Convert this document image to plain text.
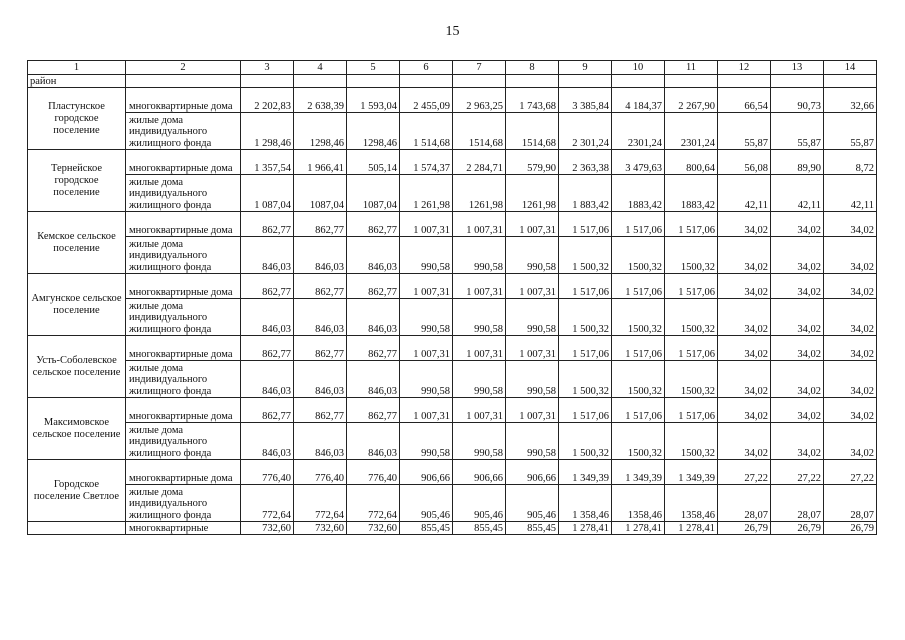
15
1	2	3	4	5	6	7	8	9	10	11	12	13	14
район													
Пластунское городское поселение	многоквартирные дома	2 202,83	2 638,39	1 593,04	2 455,09	2 963,25	1 743,68	3 385,84	4 184,37	2 267,90	66,54	90,73	32,66
	жилые дома индивидуального жилищного фонда	1 298,46	1298,46	1298,46	1 514,68	1514,68	1514,68	2 301,24	2301,24	2301,24	55,87	55,87	55,87
Тернейское городское поселение	многоквартирные дома	1 357,54	1 966,41	505,14	1 574,37	2 284,71	579,90	2 363,38	3 479,63	800,64	56,08	89,90	8,72
	жилые дома индивидуального жилищного фонда	1 087,04	1087,04	1087,04	1 261,98	1261,98	1261,98	1 883,42	1883,42	1883,42	42,11	42,11	42,11
Кемское сельское поселение	многоквартирные дома	862,77	862,77	862,77	1 007,31	1 007,31	1 007,31	1 517,06	1 517,06	1 517,06	34,02	34,02	34,02
	жилые дома индивидуального жилищного фонда	846,03	846,03	846,03	990,58	990,58	990,58	1 500,32	1500,32	1500,32	34,02	34,02	34,02
Амгунское сельское поселение	многоквартирные дома	862,77	862,77	862,77	1 007,31	1 007,31	1 007,31	1 517,06	1 517,06	1 517,06	34,02	34,02	34,02
	жилые дома индивидуального жилищного фонда	846,03	846,03	846,03	990,58	990,58	990,58	1 500,32	1500,32	1500,32	34,02	34,02	34,02
Усть-Соболевское сельское поселение	многоквартирные дома	862,77	862,77	862,77	1 007,31	1 007,31	1 007,31	1 517,06	1 517,06	1 517,06	34,02	34,02	34,02
	жилые дома индивидуального жилищного фонда	846,03	846,03	846,03	990,58	990,58	990,58	1 500,32	1500,32	1500,32	34,02	34,02	34,02
Максимовское сельское поселение	многоквартирные дома	862,77	862,77	862,77	1 007,31	1 007,31	1 007,31	1 517,06	1 517,06	1 517,06	34,02	34,02	34,02
	жилые дома индивидуального жилищного фонда	846,03	846,03	846,03	990,58	990,58	990,58	1 500,32	1500,32	1500,32	34,02	34,02	34,02
Городское поселение Светлое	многоквартирные дома	776,40	776,40	776,40	906,66	906,66	906,66	1 349,39	1 349,39	1 349,39	27,22	27,22	27,22
	жилые дома индивидуального жилищного фонда	772,64	772,64	772,64	905,46	905,46	905,46	1 358,46	1358,46	1358,46	28,07	28,07	28,07
	многоквартирные	732,60	732,60	732,60	855,45	855,45	855,45	1 278,41	1 278,41	1 278,41	26,79	26,79	26,79
